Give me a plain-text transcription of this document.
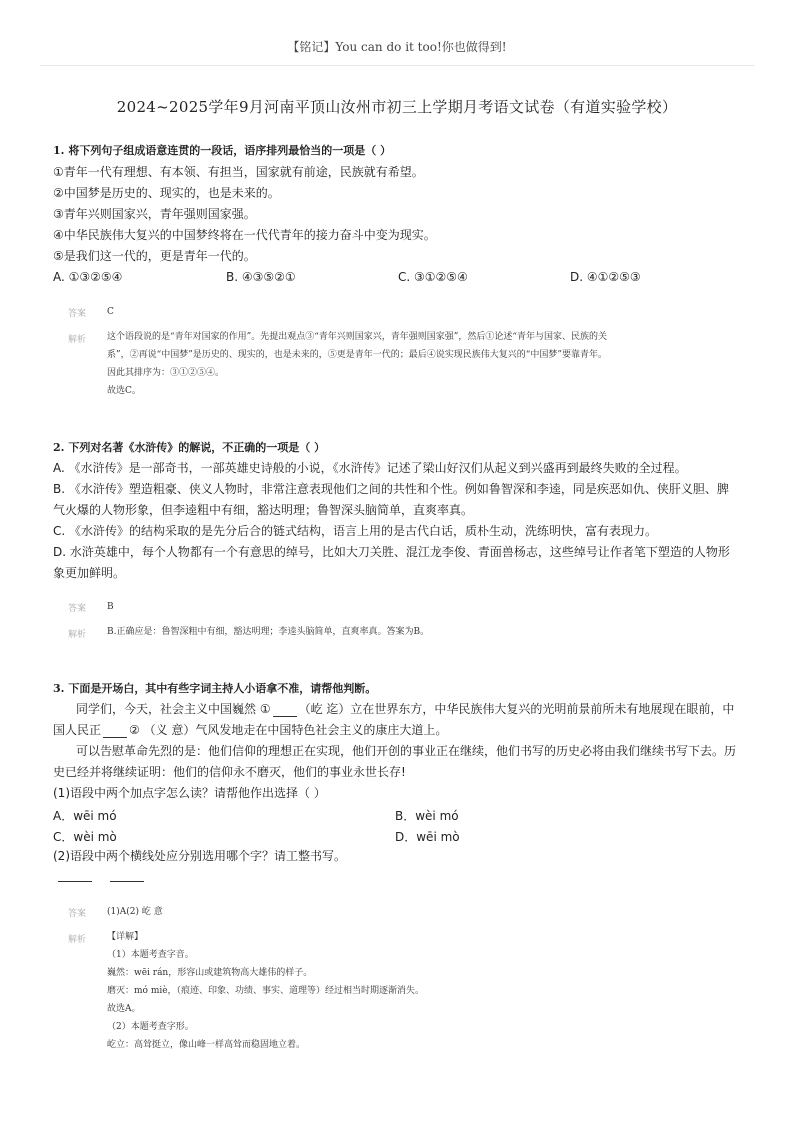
【铭记】You can do it too!你也做得到!
2024~2025学年9月河南平顶山汝州市初三上学期月考语文试卷（有道实验学校）
1. 将下列句子组成语意连贯的一段话，语序排列最恰当的一项是（ ）
①青年一代有理想、有本领、有担当，国家就有前途，民族就有希望。
②中国梦是历史的、现实的，也是未来的。
③青年兴则国家兴，青年强则国家强。
④中华民族伟大复兴的中国梦终将在一代代青年的接力奋斗中变为现实。
⑤是我们这一代的，更是青年一代的。
A. ①③②⑤④	B. ④③⑤②①	C. ③①②⑤④	D. ④①②⑤③
答案 C
解析 这个语段说的是“青年对国家的作用”。先提出观点③“青年兴则国家兴，青年强则国家强”，然后①论述“青年与国家、民族的关
系”，②再说“中国梦”是历史的、现实的，也是未来的，⑤更是青年一代的；最后④说实现民族伟大复兴的“中国梦”要靠青年。
因此其排序为：③①②⑤④。
故选C。
2. 下列对名著《水浒传》的解说，不正确的一项是（ ）
A. 《水浒传》是一部奇书，一部英雄史诗般的小说，《水浒传》记述了梁山好汉们从起义到兴盛再到最终失败的全过程。
B. 《水浒传》塑造粗豪、侠义人物时，非常注意表现他们之间的共性和个性。例如鲁智深和李逵，同是疾恶如仇、侠肝义胆、脾
气火爆的人物形象，但李逵粗中有细，豁达明理；鲁智深头脑简单，直爽率真。
C. 《水浒传》的结构采取的是先分后合的链式结构，语言上用的是古代白话，质朴生动，洗练明快，富有表现力。
D. 水浒英雄中，每个人物都有一个有意思的绰号，比如大刀关胜、混江龙李俊、青面兽杨志，这些绰号让作者笔下塑造的人物形
象更加鲜明。
答案 B
解析 B.正确应是：鲁智深粗中有细，豁达明理；李逵头脑简单，直爽率真。答案为B。
3. 下面是开场白，其中有些字词主持人小语拿不准，请帮他判断。
同学们，今天，社会主义中国巍然 ① （屹 迄）立在世界东方，中华民族伟大复兴的光明前景前所未有地展现在眼前，中
国人民正 ② （义 意）气风发地走在中国特色社会主义的康庄大道上。
可以告慰革命先烈的是：他们信仰的理想正在实现，他们开创的事业正在继续，他们书写的历史必将由我们继续书写下去。历
史已经并将继续证明：他们的信仰永不磨灭，他们的事业永世长存!
(1)语段中两个加点字怎么读？请帮他作出选择（ ）
A．wēi mó	B．wèi mó
C．wèi mò	D．wēi mò
(2)语段中两个横线处应分别选用哪个字？请工整书写。
答案 (1)A(2) 屹 意
解析 【详解】
（1）本题考查字音。
巍然：wēi rán，形容山或建筑物高大雄伟的样子。
磨灭：mó miè，（痕迹、印象、功绩、事实、道理等）经过相当时期逐渐消失。
故选A。
（2）本题考查字形。
屹立：高耸挺立，像山峰一样高耸而稳固地立着。
